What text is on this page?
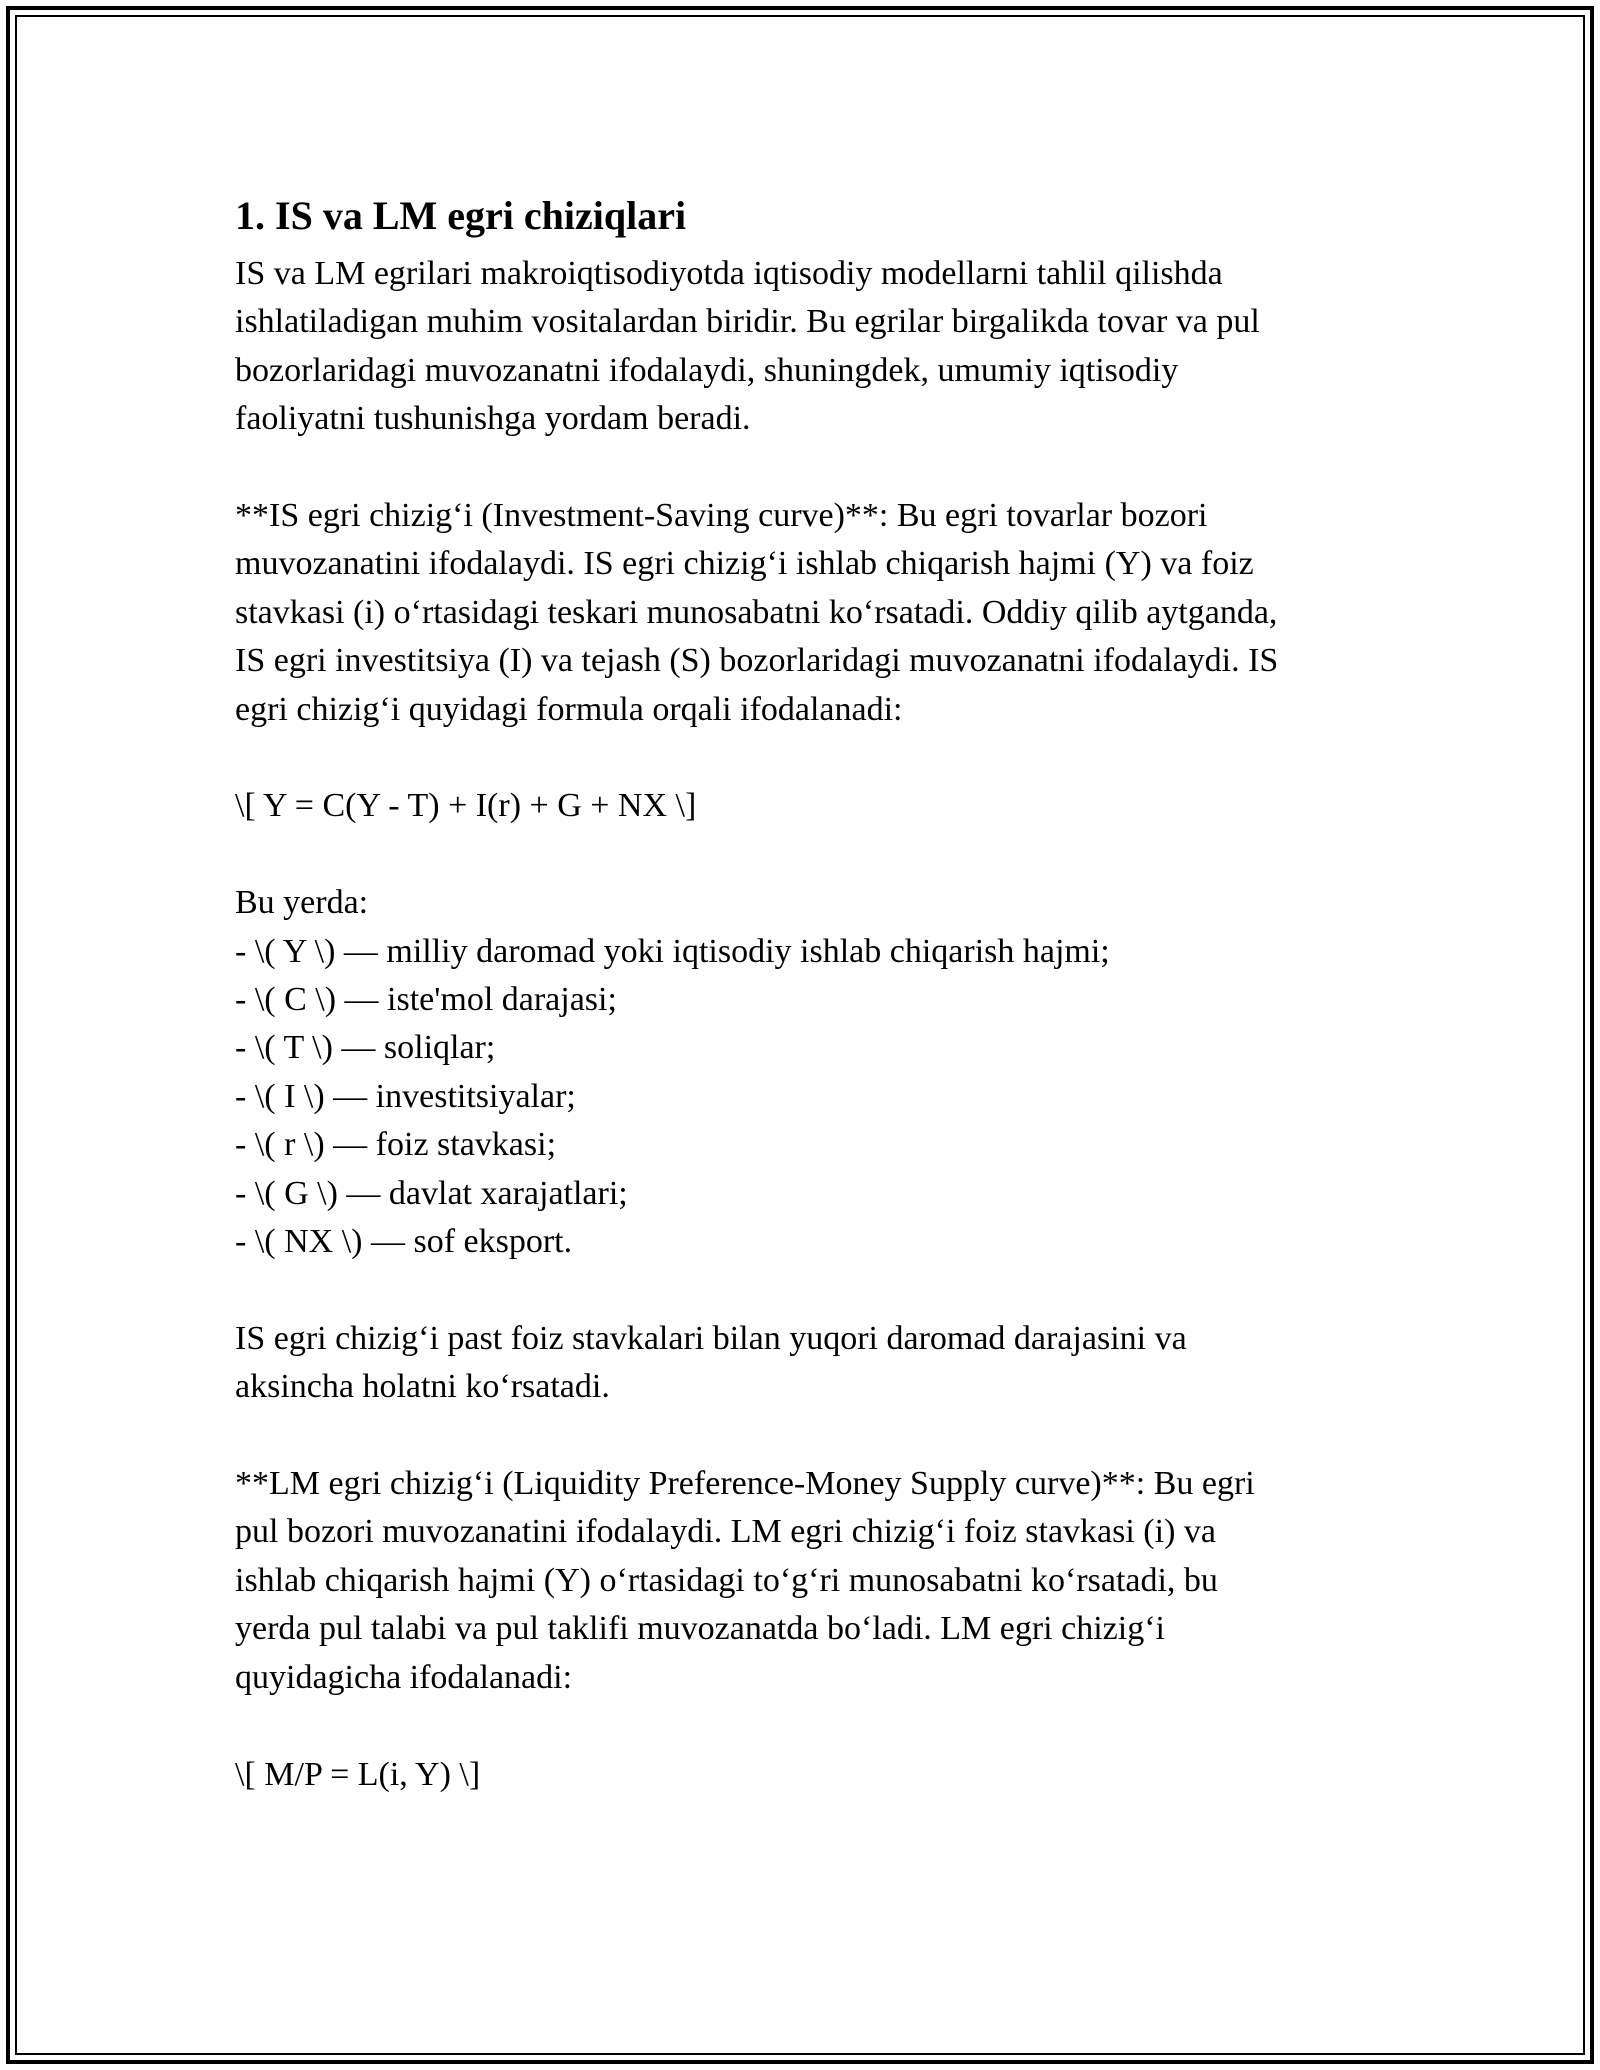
1. IS va LM egri chiziqlari

IS va LM egrilari makroiqtisodiyotda iqtisodiy modellarni tahlil qilishda

ishlatiladigan muhim vositalardan biridir. Bu egrilar birgalikda tovar va pul

bozorlaridagi muvozanatni ifodalaydi, shuningdek, umumiy iqtisodiy

faoliyatni tushunishga yordam beradi.

**IS egri chizig‘i (Investment-Saving curve)**: Bu egri tovarlar bozori

muvozanatini ifodalaydi. IS egri chizig‘i ishlab chiqarish hajmi (Y) va foiz

stavkasi (i) o‘rtasidagi teskari munosabatni ko‘rsatadi. Oddiy qilib aytganda,

IS egri investitsiya (I) va tejash (S) bozorlaridagi muvozanatni ifodalaydi. IS

egri chizig‘i quyidagi formula orqali ifodalanadi:

\[ Y = C(Y - T) + I(r) + G + NX \]

Bu yerda:

- \( Y \) — milliy daromad yoki iqtisodiy ishlab chiqarish hajmi;

- \( C \) — iste'mol darajasi;

- \( T \) — soliqlar;

- \( I \) — investitsiyalar;

- \( r \) — foiz stavkasi;

- \( G \) — davlat xarajatlari;

- \( NX \) — sof eksport.

IS egri chizig‘i past foiz stavkalari bilan yuqori daromad darajasini va

aksincha holatni ko‘rsatadi.

**LM egri chizig‘i (Liquidity Preference-Money Supply curve)**: Bu egri

pul bozori muvozanatini ifodalaydi. LM egri chizig‘i foiz stavkasi (i) va

ishlab chiqarish hajmi (Y) o‘rtasidagi to‘g‘ri munosabatni ko‘rsatadi, bu

yerda pul talabi va pul taklifi muvozanatda bo‘ladi. LM egri chizig‘i

quyidagicha ifodalanadi:

\[ M/P = L(i, Y) \]
